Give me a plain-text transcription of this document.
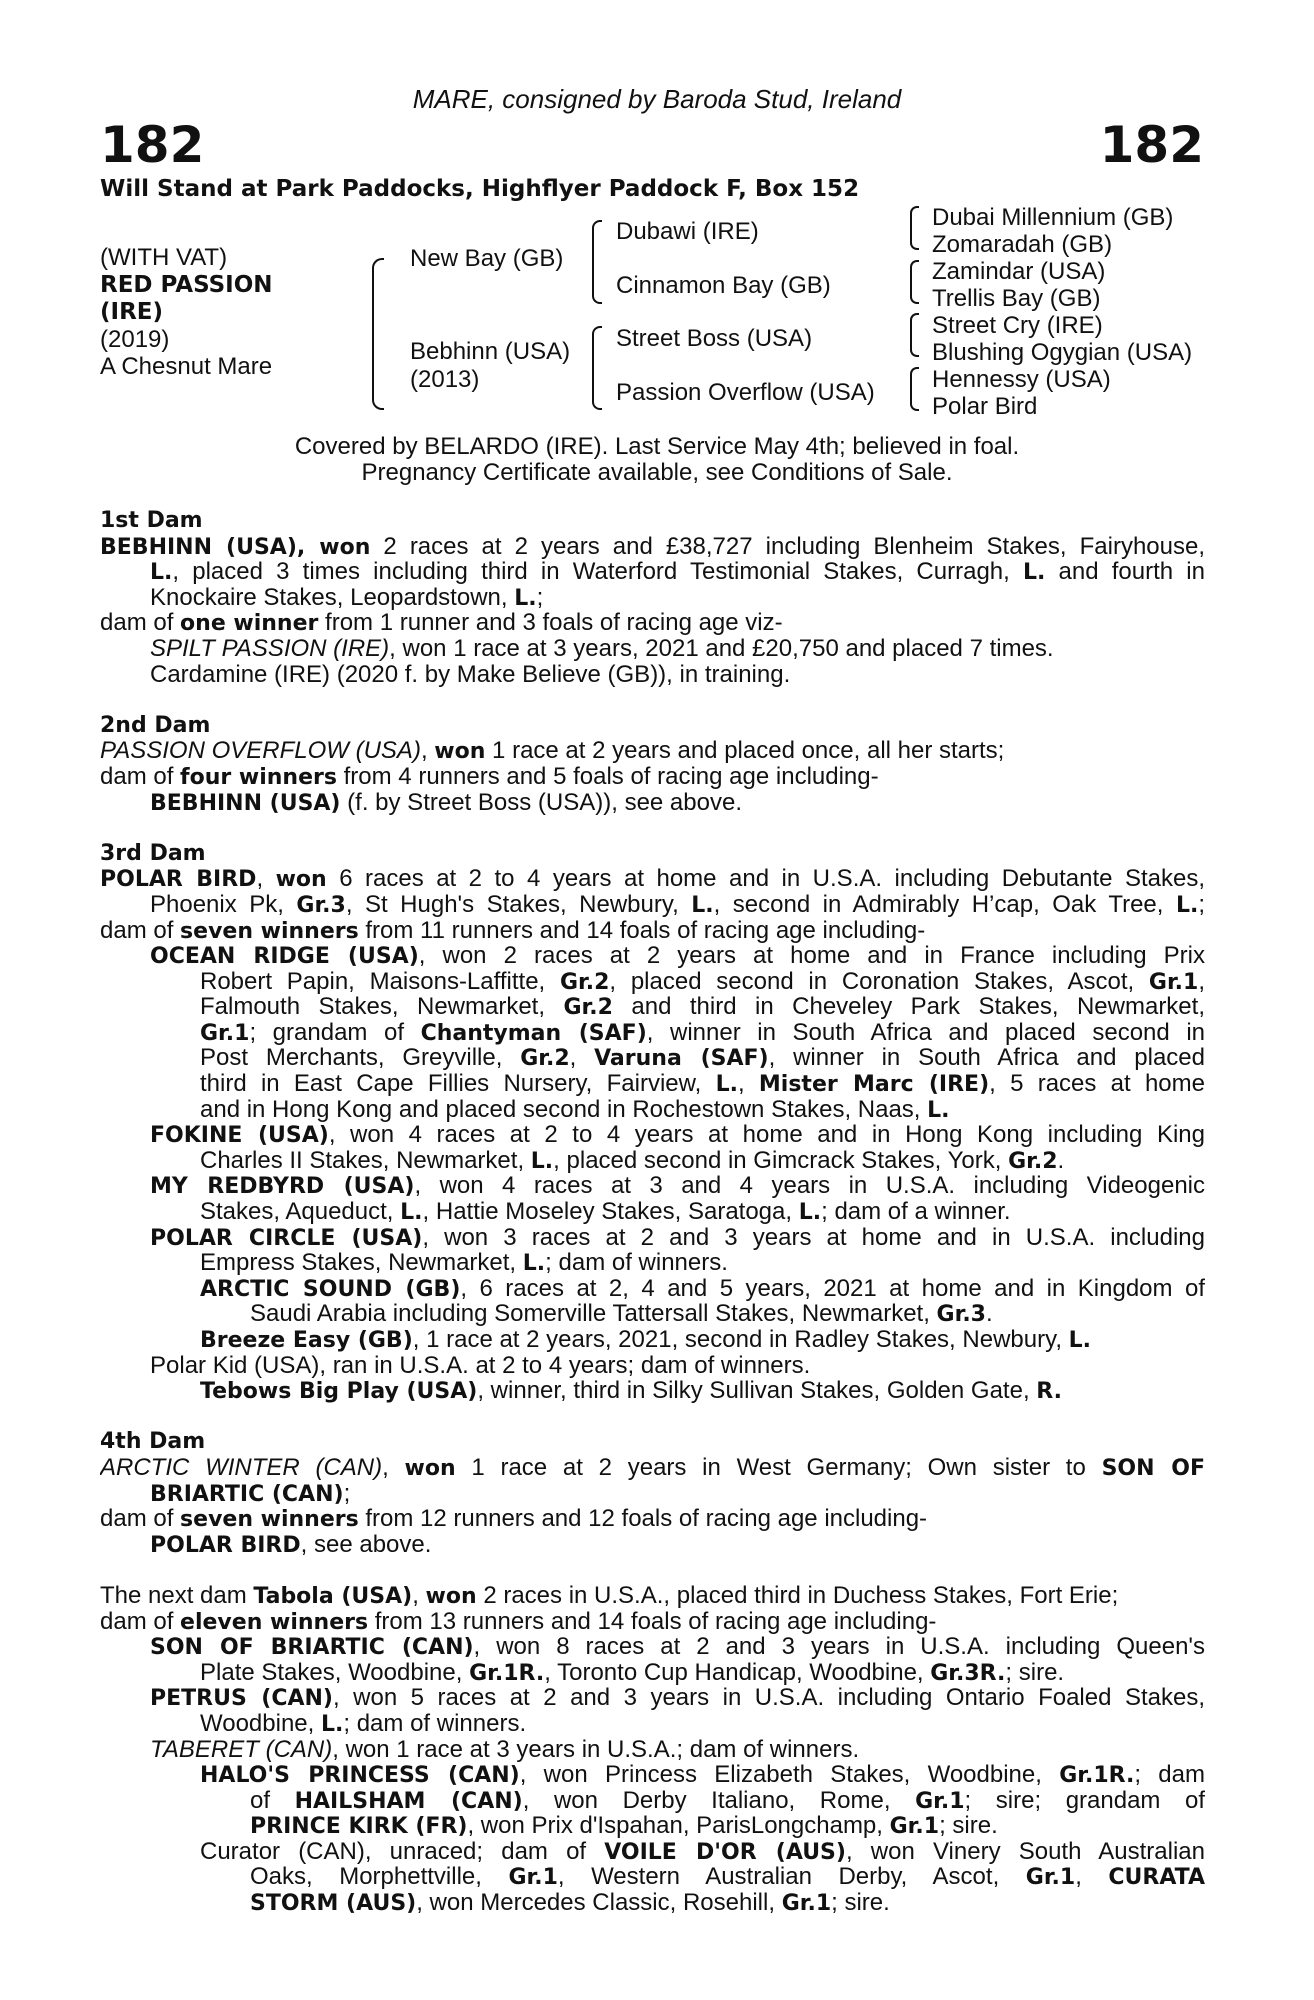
MARE, consigned by Baroda Stud, Ireland
182	182
Will Stand at Park Paddocks, Highflyer Paddock F, Box 152
(WITH VAT)
RED PASSION
(IRE)
(2019)
A Chesnut Mare
New Bay (GB)
Bebhinn (USA)
(2013)
Dubawi (IRE)
Cinnamon Bay (GB)
Street Boss (USA)
Passion Overflow (USA)
Dubai Millennium (GB)
Zomaradah (GB)
Zamindar (USA)
Trellis Bay (GB)
Street Cry (IRE)
Blushing Ogygian (USA)
Hennessy (USA)
Polar Bird
Covered by BELARDO (IRE). Last Service May 4th; believed in foal.
Pregnancy Certificate available, see Conditions of Sale.
1st Dam
BEBHINN (USA), won 2 races at 2 years and £38,727 including Blenheim Stakes, Fairyhouse,
L., placed 3 times including third in Waterford Testimonial Stakes, Curragh, L. and fourth in
Knockaire Stakes, Leopardstown, L.;
dam of one winner from 1 runner and 3 foals of racing age viz-
SPILT PASSION (IRE), won 1 race at 3 years, 2021 and £20,750 and placed 7 times.
Cardamine (IRE) (2020 f. by Make Believe (GB)), in training.
2nd Dam
PASSION OVERFLOW (USA), won 1 race at 2 years and placed once, all her starts;
dam of four winners from 4 runners and 5 foals of racing age including-
BEBHINN (USA) (f. by Street Boss (USA)), see above.
3rd Dam
POLAR BIRD, won 6 races at 2 to 4 years at home and in U.S.A. including Debutante Stakes,
Phoenix Pk, Gr.3, St Hugh's Stakes, Newbury, L., second in Admirably H’cap, Oak Tree, L.;
dam of seven winners from 11 runners and 14 foals of racing age including-
OCEAN RIDGE (USA), won 2 races at 2 years at home and in France including Prix
Robert Papin, Maisons-Laffitte, Gr.2, placed second in Coronation Stakes, Ascot, Gr.1,
Falmouth Stakes, Newmarket, Gr.2 and third in Cheveley Park Stakes, Newmarket,
Gr.1; grandam of Chantyman (SAF), winner in South Africa and placed second in
Post Merchants, Greyville, Gr.2, Varuna (SAF), winner in South Africa and placed
third in East Cape Fillies Nursery, Fairview, L., Mister Marc (IRE), 5 races at home
and in Hong Kong and placed second in Rochestown Stakes, Naas, L.
FOKINE (USA), won 4 races at 2 to 4 years at home and in Hong Kong including King
Charles II Stakes, Newmarket, L., placed second in Gimcrack Stakes, York, Gr.2.
MY REDBYRD (USA), won 4 races at 3 and 4 years in U.S.A. including Videogenic
Stakes, Aqueduct, L., Hattie Moseley Stakes, Saratoga, L.; dam of a winner.
POLAR CIRCLE (USA), won 3 races at 2 and 3 years at home and in U.S.A. including
Empress Stakes, Newmarket, L.; dam of winners.
ARCTIC SOUND (GB), 6 races at 2, 4 and 5 years, 2021 at home and in Kingdom of
Saudi Arabia including Somerville Tattersall Stakes, Newmarket, Gr.3.
Breeze Easy (GB), 1 race at 2 years, 2021, second in Radley Stakes, Newbury, L.
Polar Kid (USA), ran in U.S.A. at 2 to 4 years; dam of winners.
Tebows Big Play (USA), winner, third in Silky Sullivan Stakes, Golden Gate, R.
4th Dam
ARCTIC WINTER (CAN), won 1 race at 2 years in West Germany; Own sister to SON OF
BRIARTIC (CAN);
dam of seven winners from 12 runners and 12 foals of racing age including-
POLAR BIRD, see above.
The next dam Tabola (USA), won 2 races in U.S.A., placed third in Duchess Stakes, Fort Erie;
dam of eleven winners from 13 runners and 14 foals of racing age including-
SON OF BRIARTIC (CAN), won 8 races at 2 and 3 years in U.S.A. including Queen's
Plate Stakes, Woodbine, Gr.1R., Toronto Cup Handicap, Woodbine, Gr.3R.; sire.
PETRUS (CAN), won 5 races at 2 and 3 years in U.S.A. including Ontario Foaled Stakes,
Woodbine, L.; dam of winners.
TABERET (CAN), won 1 race at 3 years in U.S.A.; dam of winners.
HALO'S PRINCESS (CAN), won Princess Elizabeth Stakes, Woodbine, Gr.1R.; dam
of HAILSHAM (CAN), won Derby Italiano, Rome, Gr.1; sire; grandam of
PRINCE KIRK (FR), won Prix d'Ispahan, ParisLongchamp, Gr.1; sire.
Curator (CAN), unraced; dam of VOILE D'OR (AUS), won Vinery South Australian
Oaks, Morphettville, Gr.1, Western Australian Derby, Ascot, Gr.1, CURATA
STORM (AUS), won Mercedes Classic, Rosehill, Gr.1; sire.
